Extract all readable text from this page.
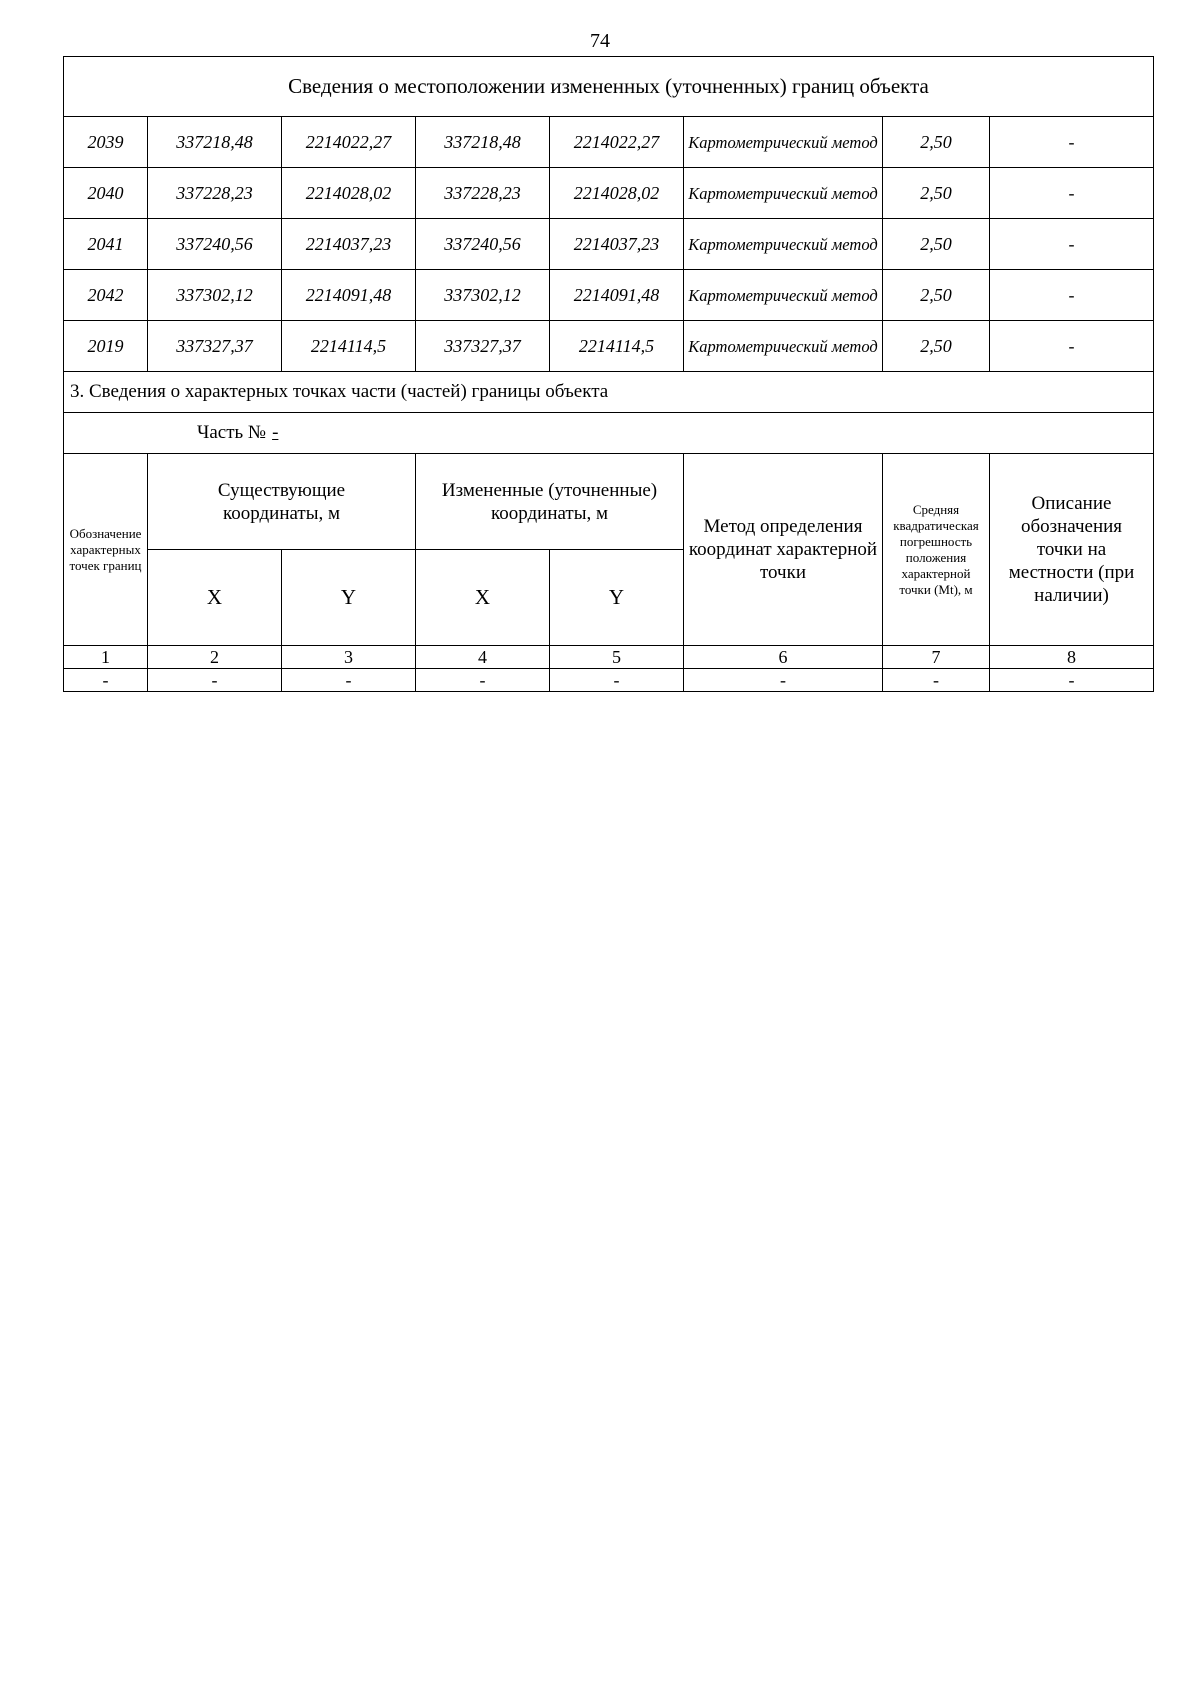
74
Сведения о местоположении измененных (уточненных) границ объекта							
2039	337218,48	2214022,27	337218,48	2214022,27	Картометрический метод	2,50	-
2040	337228,23	2214028,02	337228,23	2214028,02	Картометрический метод	2,50	-
2041	337240,56	2214037,23	337240,56	2214037,23	Картометрический метод	2,50	-
2042	337302,12	2214091,48	337302,12	2214091,48	Картометрический метод	2,50	-
2019	337327,37	2214114,5	337327,37	2214114,5	Картометрический метод	2,50	-
3. Сведения о характерных точках части (частей) границы объекта							
Часть № -							
Обозначение характерных точек границ	Существующие координаты, м		Измененные (уточненные) координаты, м		Метод определения координат характерной точки	Средняя квадратическая погрешность положения характерной точки (Mt), м	Описание обозначения точки на местности (при наличии)
	X	Y	X	Y			
1	2	3	4	5	6	7	8
-	-	-	-	-	-	-	-
